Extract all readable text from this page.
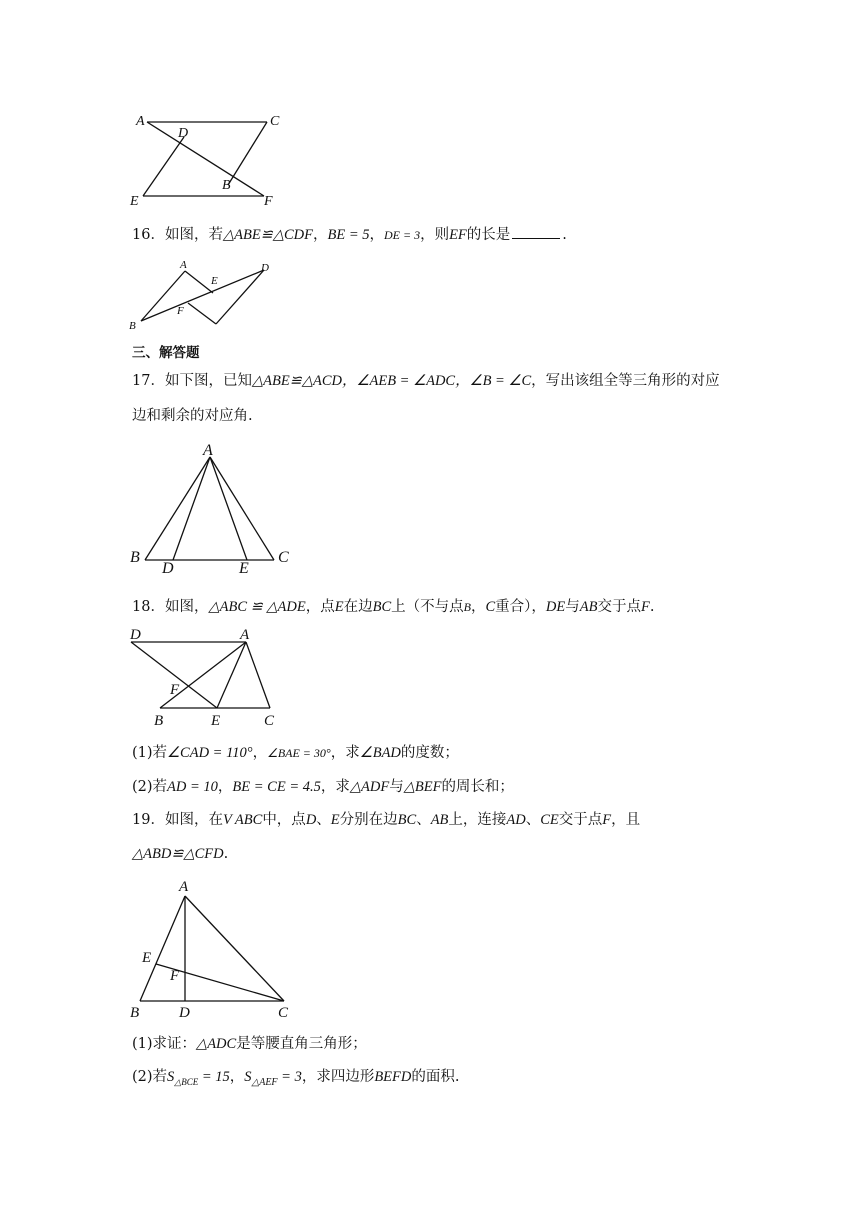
A
D
C
B
E	F
16．如图，若△ABE≌△CDF，BE = 5，DE = 3，则EF的长是	.
A
E
D
F
B
三、解答题
17．如下图，已知△ABE≌△ACD，∠AEB = ∠ADC，∠B = ∠C，写出该组全等三角形的对应
边和剩余的对应角.
A
B	C
D	E
18．如图，△ABC ≌ △ADE，点E在边BC上（不与点B，C重合），DE与AB交于点F.
D	A
F
B	E	C
(1)若∠CAD = 110°，∠BAE = 30°，求∠BAD的度数；
(2)若AD = 10，BE = CE = 4.5，求△ADF与△BEF的周长和；
19．如图，在V ABC中，点D、E分别在边BC、AB上，连接AD、CE交于点F，且
△ABD≌△CFD.
A
E
F
B	D	C
(1)求证：△ADC是等腰直角三角形；
(2)若$S_{\triangle BCE} = 15$，$S_{\triangle AEF} = 3$，求四边形BEFD的面积.
